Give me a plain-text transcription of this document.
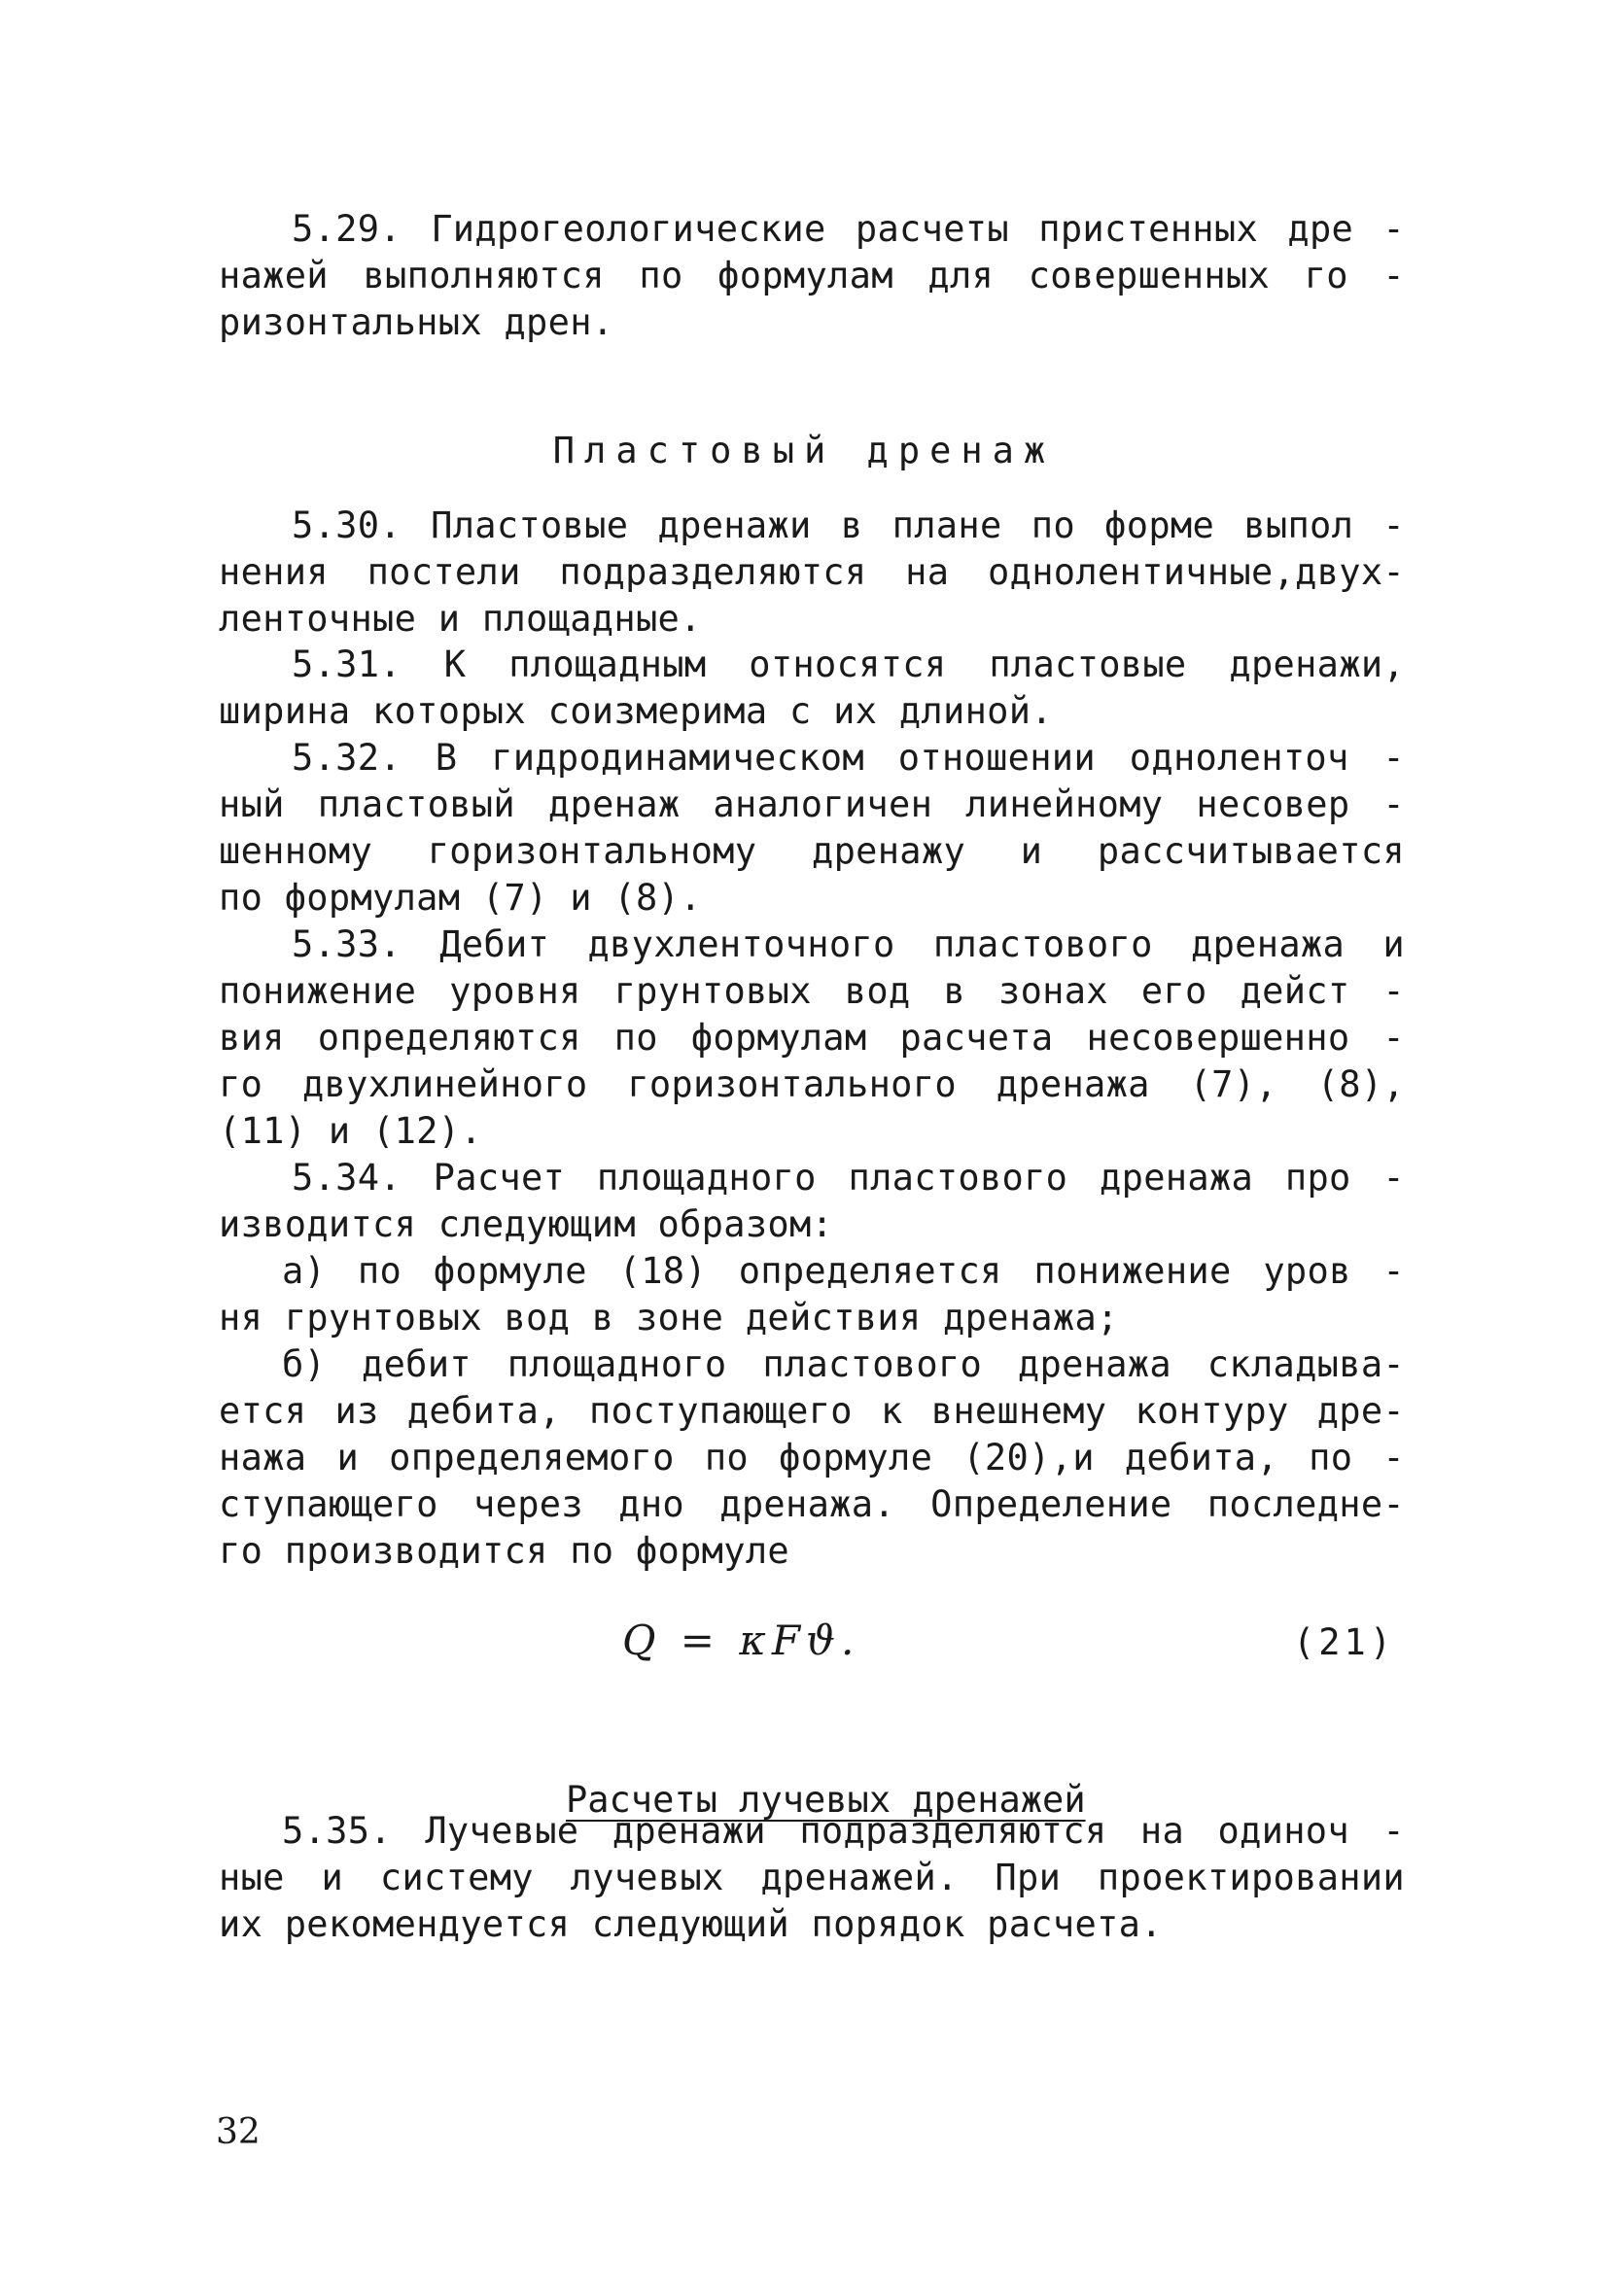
5.29. Гидрогеологические расчеты пристенных дре -
нажей выполняются по формулам для совершенных го -
ризонтальных дрен.
Пластовый дренаж
5.30. Пластовые дренажи в плане по форме выпол -
нения постели подразделяются на однолентичные,двух-
ленточные и площадные.
5.31. К площадным относятся пластовые дренажи,
ширина которых соизмерима с их длиной.
5.32. В гидродинамическом отношении одноленточ -
ный пластовый дренаж аналогичен линейному несовер -
шенному горизонтальному дренажу и рассчитывается
по формулам (7) и (8).
5.33. Дебит двухленточного пластового дренажа и
понижение уровня грунтовых вод в зонах его дейст -
вия определяются по формулам расчета несовершенно -
го двухлинейного горизонтального дренажа (7), (8),
(11) и (12).
5.34. Расчет площадного пластового дренажа про -
изводится следующим образом:
а) по формуле (18) определяется понижение уров -
ня грунтовых вод в зоне действия дренажа;
б) дебит площадного пластового дренажа складыва-
ется из дебита, поступающего к внешнему контуру дре-
нажа и определяемого по формуле (20),и дебита, по -
ступающего через дно дренажа. Определение последне-
го производится по формуле
Q = κFϑ.	(21)

Расчеты лучевых дренажей

5.35. Лучевые дренажи подразделяются на одиноч -
ные и систему лучевых дренажей. При проектировании
их рекомендуется следующий порядок расчета.
32
